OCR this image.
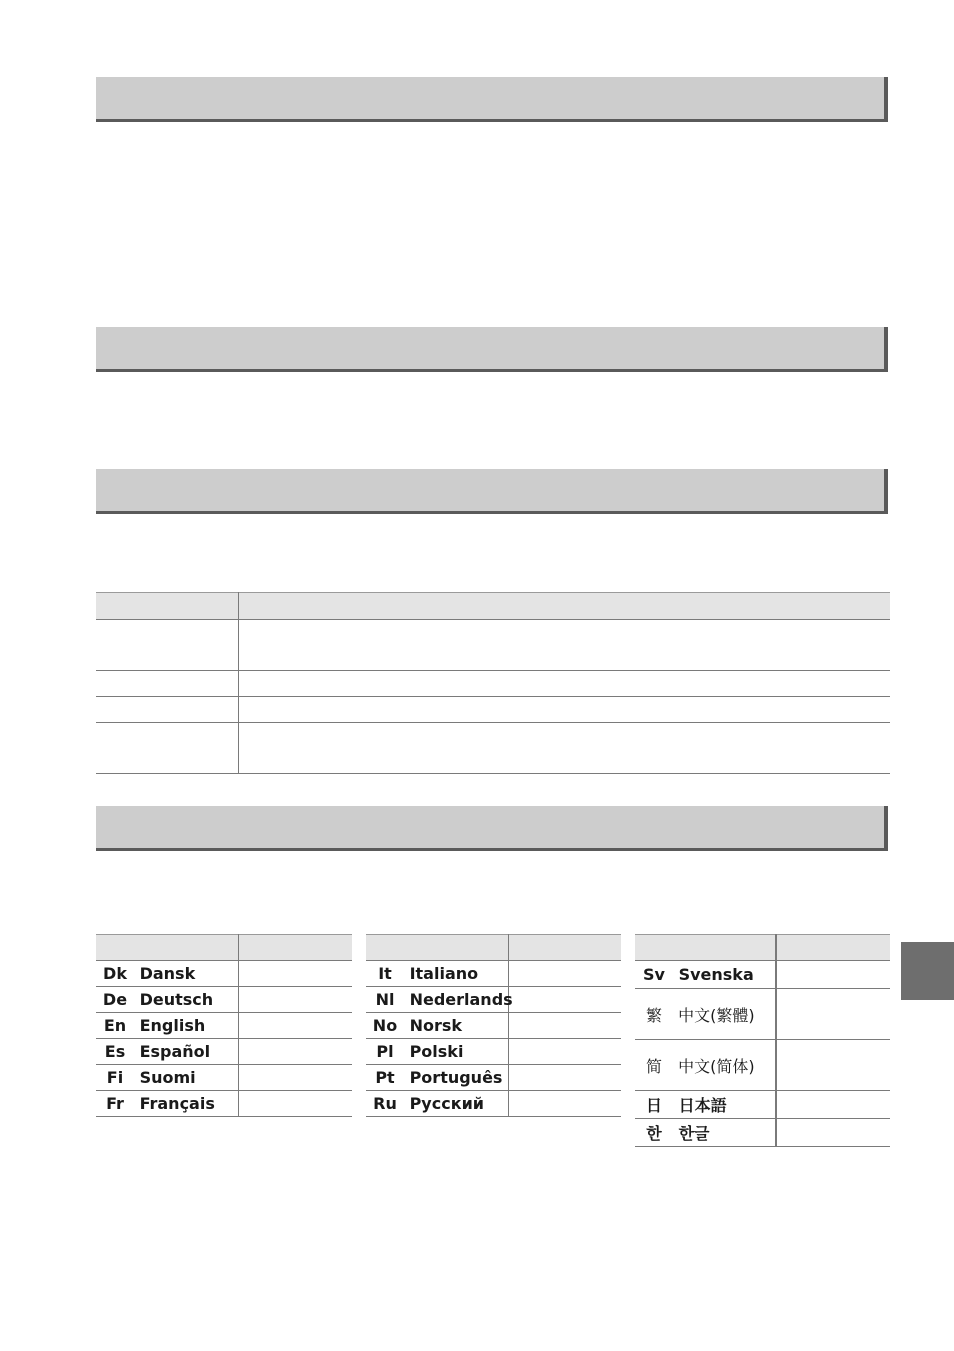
Dk Dansk	
De Deutsch	
En English	
Es Español	
Fi Suomi	
Fr Français	

It Italiano	
Nl Nederlands	
No Norsk	
Pl Polski	
Pt Português	
Ru Русский	

Sv Svenska	
繁 中文(繁體)	
简 中文(简体)	
日 日本語	
한 한글	
